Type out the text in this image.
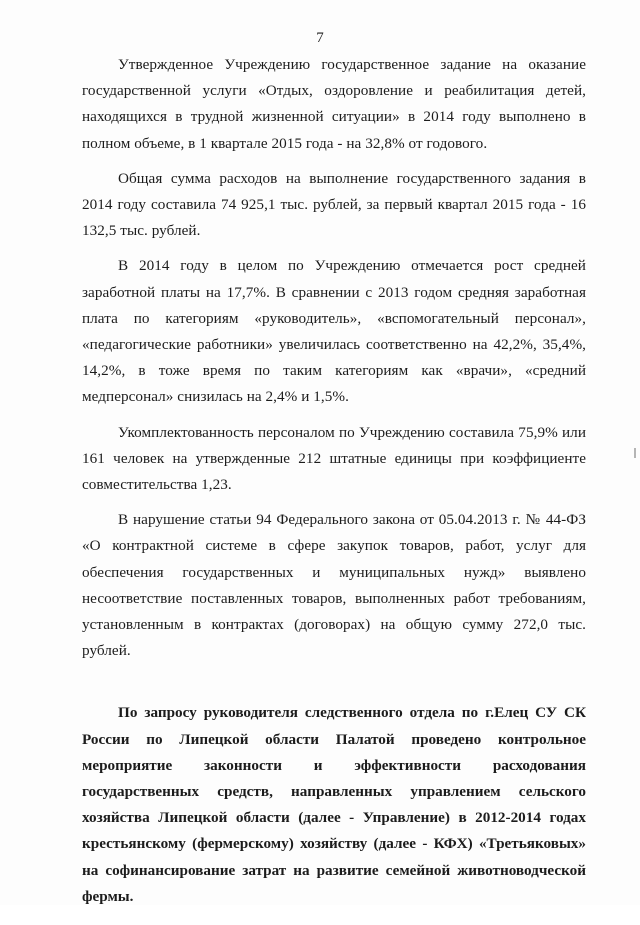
7

Утвержденное Учреждению государственное задание на оказание государственной услуги «Отдых, оздоровление и реабилитация детей, находящихся в трудной жизненной ситуации» в 2014 году выполнено в полном объеме, в 1 квартале 2015 года - на 32,8% от годового.

Общая сумма расходов на выполнение государственного задания в 2014 году составила 74 925,1 тыс. рублей, за первый квартал 2015 года - 16 132,5 тыс. рублей.

В 2014 году в целом по Учреждению отмечается рост средней заработной платы на 17,7%. В сравнении с 2013 годом средняя заработная плата по категориям «руководитель», «вспомогательный персонал», «педагогические работники» увеличилась соответственно на 42,2%, 35,4%, 14,2%, в тоже время по таким категориям как «врачи», «средний медперсонал» снизилась на 2,4% и 1,5%.

Укомплектованность персоналом по Учреждению составила 75,9% или 161 человек на утвержденные 212 штатные единицы при коэффициенте совместительства 1,23.

В нарушение статьи 94 Федерального закона от 05.04.2013 г. № 44-ФЗ «О контрактной системе в сфере закупок товаров, работ, услуг для обеспечения государственных и муниципальных нужд» выявлено несоответствие поставленных товаров, выполненных работ требованиям, установленным в контрактах (договорах) на общую сумму 272,0 тыс. рублей.

По запросу руководителя следственного отдела по г.Елец СУ СК России по Липецкой области Палатой проведено контрольное мероприятие законности и эффективности расходования государственных средств, направленных управлением сельского хозяйства Липецкой области (далее - Управление) в 2012-2014 годах крестьянскому (фермерскому) хозяйству (далее - КФХ) «Третьяковых» на софинансирование затрат на развитие семейной животноводческой фермы.
